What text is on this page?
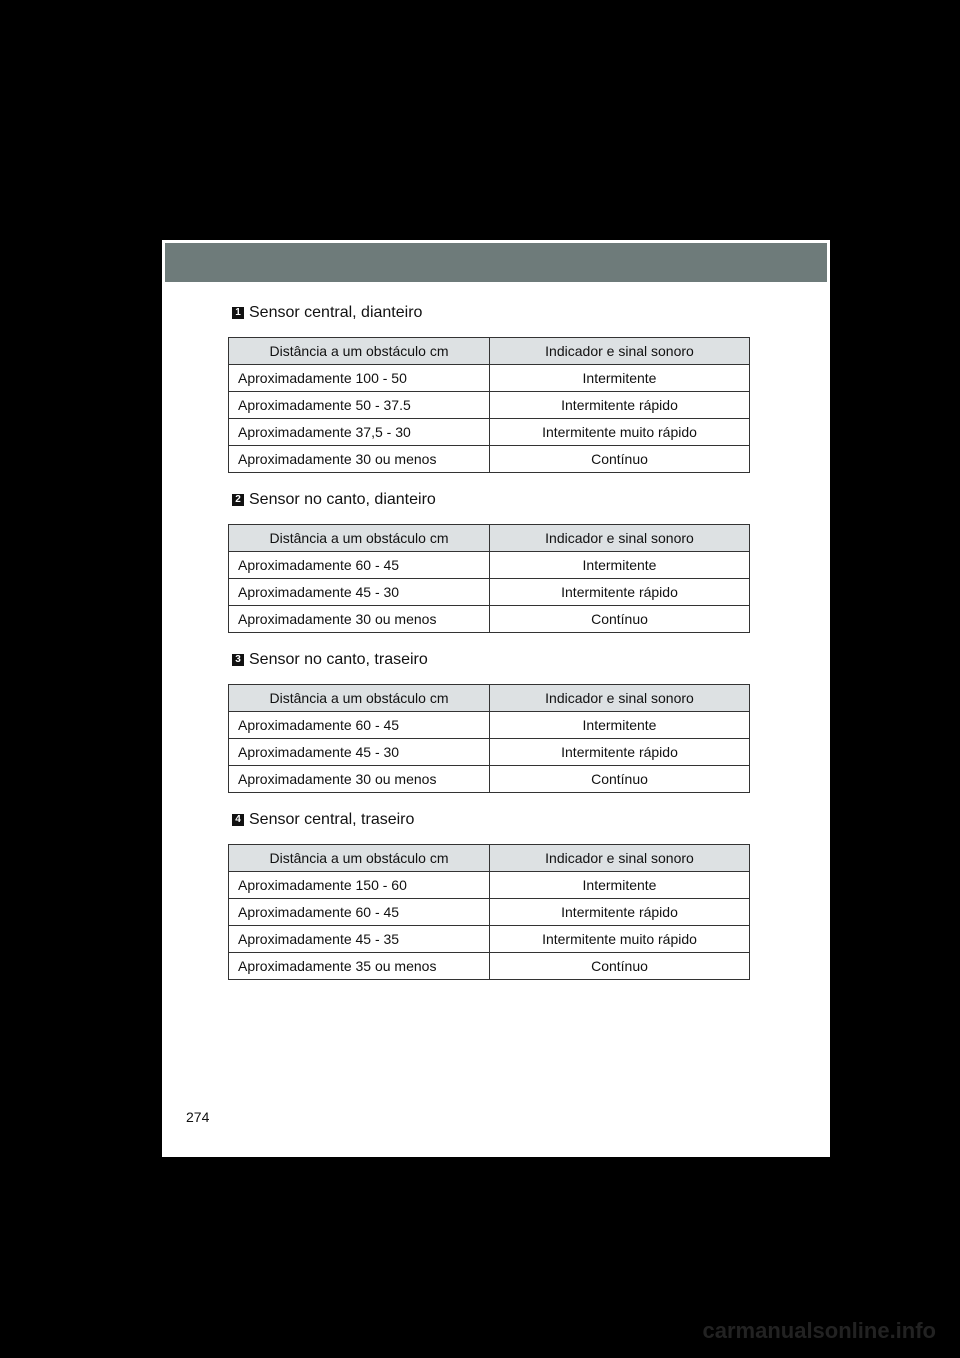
1 Sensor central, dianteiro
Distância a um obstáculo cm	Indicador e sinal sonoro
Aproximadamente 100 - 50	Intermitente
Aproximadamente 50 - 37.5	Intermitente rápido
Aproximadamente 37,5 - 30	Intermitente muito rápido
Aproximadamente 30 ou menos	Contínuo
2 Sensor no canto, dianteiro
Distância a um obstáculo cm	Indicador e sinal sonoro
Aproximadamente 60 - 45	Intermitente
Aproximadamente 45 - 30	Intermitente rápido
Aproximadamente 30 ou menos	Contínuo
3 Sensor no canto, traseiro
Distância a um obstáculo cm	Indicador e sinal sonoro
Aproximadamente 60 - 45	Intermitente
Aproximadamente 45 - 30	Intermitente rápido
Aproximadamente 30 ou menos	Contínuo
4 Sensor central, traseiro
Distância a um obstáculo cm	Indicador e sinal sonoro
Aproximadamente 150 - 60	Intermitente
Aproximadamente 60 - 45	Intermitente rápido
Aproximadamente 45 - 35	Intermitente muito rápido
Aproximadamente 35 ou menos	Contínuo
274
carmanualsonline.info
